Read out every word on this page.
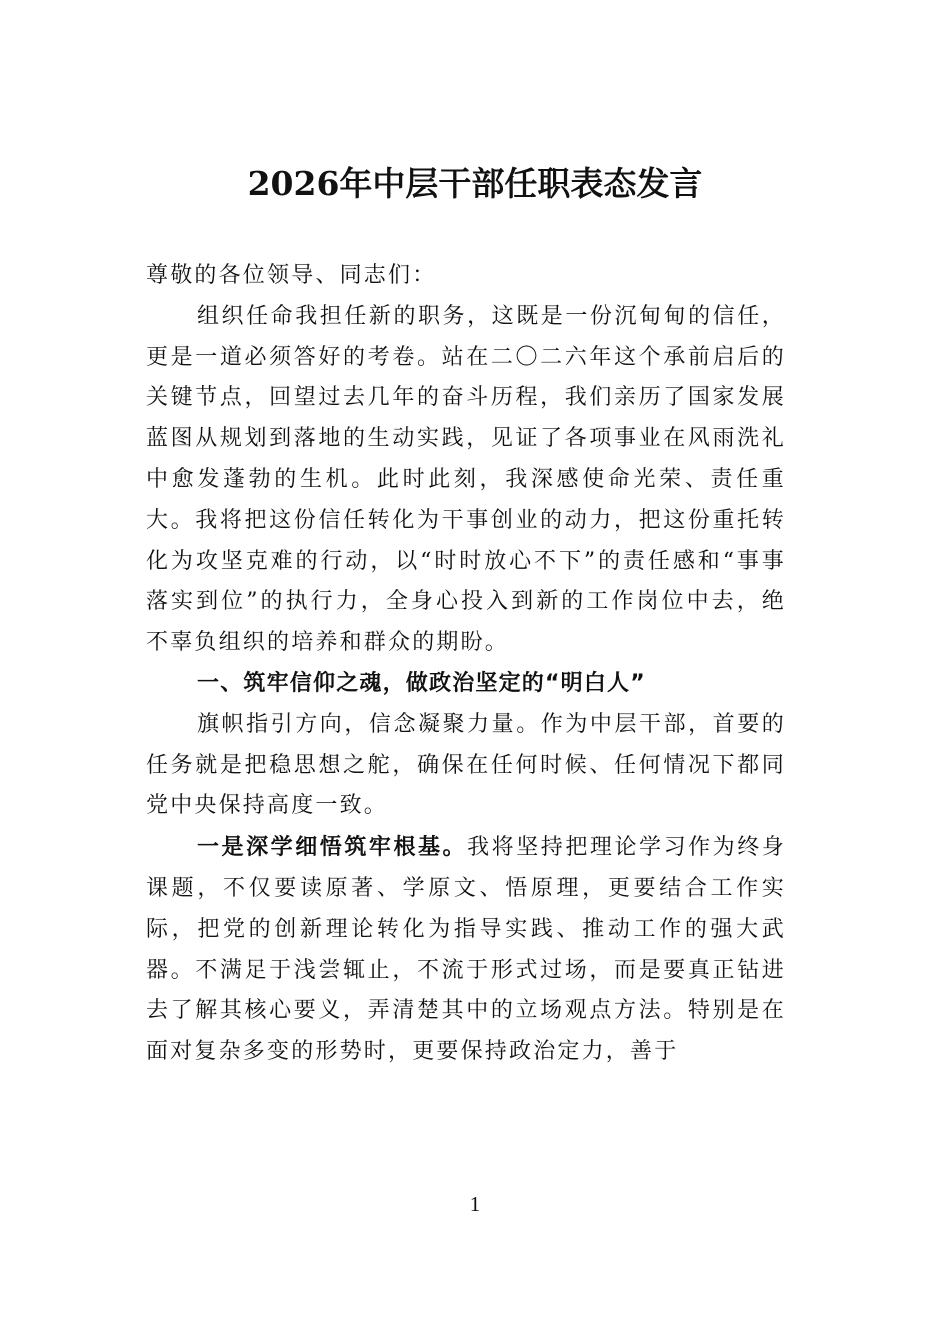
2026年中层干部任职表态发言

尊敬的各位领导、同志们：

组织任命我担任新的职务，这既是一份沉甸甸的信任，更是一道必须答好的考卷。站在二〇二六年这个承前启后的关键节点，回望过去几年的奋斗历程，我们亲历了国家发展蓝图从规划到落地的生动实践，见证了各项事业在风雨洗礼中愈发蓬勃的生机。此时此刻，我深感使命光荣、责任重大。我将把这份信任转化为干事创业的动力，把这份重托转化为攻坚克难的行动，以“时时放心不下”的责任感和“事事落实到位”的执行力，全身心投入到新的工作岗位中去，绝不辜负组织的培养和群众的期盼。

一、筑牢信仰之魂，做政治坚定的“明白人”

旗帜指引方向，信念凝聚力量。作为中层干部，首要的任务就是把稳思想之舵，确保在任何时候、任何情况下都同党中央保持高度一致。

一是深学细悟筑牢根基。我将坚持把理论学习作为终身课题，不仅要读原著、学原文、悟原理，更要结合工作实际，把党的创新理论转化为指导实践、推动工作的强大武器。不满足于浅尝辄止，不流于形式过场，而是要真正钻进去了解其核心要义，弄清楚其中的立场观点方法。特别是在面对复杂多变的形势时，更要保持政治定力，善于

1
